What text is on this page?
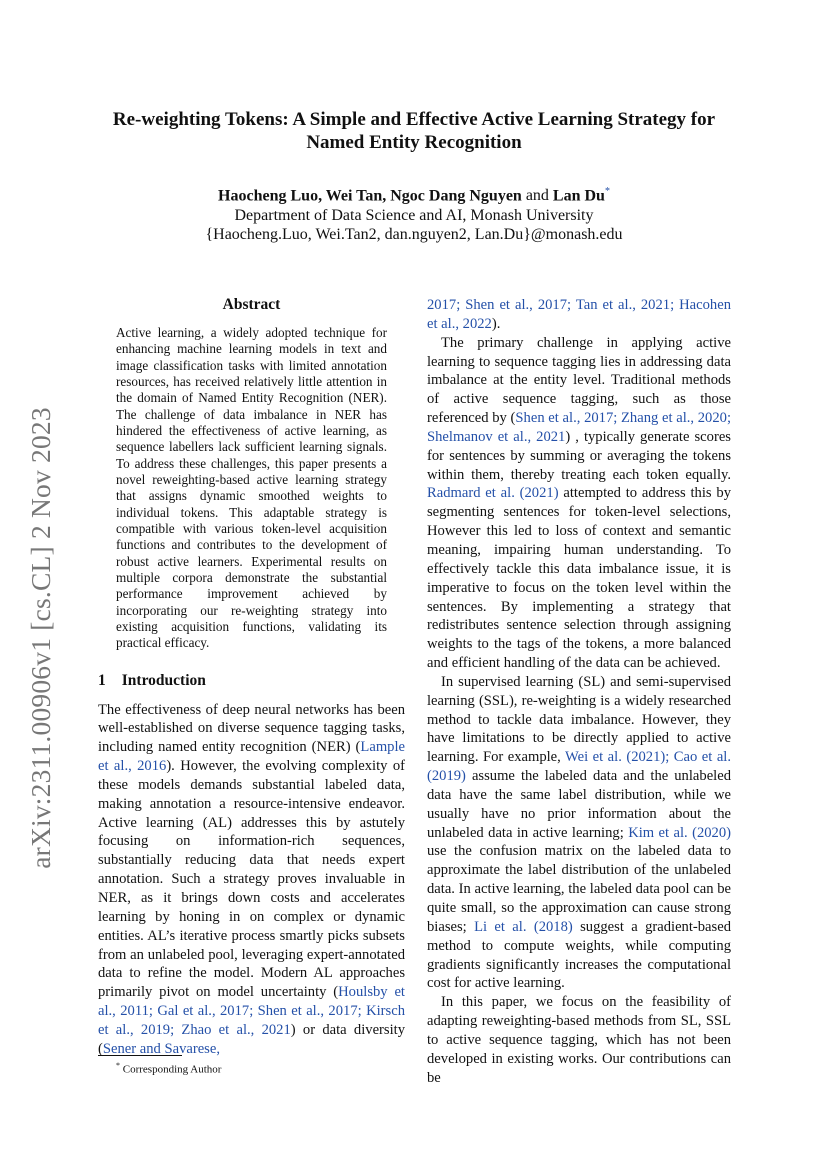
arXiv:2311.00906v1 [cs.CL] 2 Nov 2023
Re-weighting Tokens: A Simple and Effective Active Learning Strategy for
Named Entity Recognition
Haocheng Luo, Wei Tan, Ngoc Dang Nguyen and Lan Du*
Department of Data Science and AI, Monash University
{Haocheng.Luo, Wei.Tan2, dan.nguyen2, Lan.Du}@monash.edu
Abstract
Active learning, a widely adopted technique for enhancing machine learning models in text and image classification tasks with limited annotation resources, has received relatively little attention in the domain of Named Entity Recognition (NER). The challenge of data imbalance in NER has hindered the effectiveness of active learning, as sequence labellers lack sufficient learning signals. To address these challenges, this paper presents a novel reweighting-based active learning strategy that assigns dynamic smoothed weights to individual tokens. This adaptable strategy is compatible with various token-level acquisition functions and contributes to the development of robust active learners. Experimental results on multiple corpora demonstrate the substantial performance improvement achieved by incorporating our re-weighting strategy into existing acquisition functions, validating its practical efficacy.
1 Introduction

The effectiveness of deep neural networks has been well-established on diverse sequence tagging tasks, including named entity recognition (NER) (Lample et al., 2016). However, the evolving complexity of these models demands substantial labeled data, making annotation a resource-intensive endeavor. Active learning (AL) addresses this by astutely focusing on information-rich sequences, substantially reducing data that needs expert annotation. Such a strategy proves invaluable in NER, as it brings down costs and accelerates learning by honing in on complex or dynamic entities. AL’s iterative process smartly picks subsets from an unlabeled pool, leveraging expert-annotated data to refine the model. Modern AL approaches primarily pivot on model uncertainty (Houlsby et al., 2011; Gal et al., 2017; Shen et al., 2017; Kirsch et al., 2019; Zhao et al., 2021) or data diversity (Sener and Savarese,

2017; Shen et al., 2017; Tan et al., 2021; Hacohen et al., 2022).

The primary challenge in applying active learning to sequence tagging lies in addressing data imbalance at the entity level. Traditional methods of active sequence tagging, such as those referenced by (Shen et al., 2017; Zhang et al., 2020; Shelmanov et al., 2021) , typically generate scores for sentences by summing or averaging the tokens within them, thereby treating each token equally. Radmard et al. (2021) attempted to address this by segmenting sentences for token-level selections, However this led to loss of context and semantic meaning, impairing human understanding. To effectively tackle this data imbalance issue, it is imperative to focus on the token level within the sentences. By implementing a strategy that redistributes sentence selection through assigning weights to the tags of the tokens, a more balanced and efficient handling of the data can be achieved.

In supervised learning (SL) and semi-supervised learning (SSL), re-weighting is a widely researched method to tackle data imbalance. However, they have limitations to be directly applied to active learning. For example, Wei et al. (2021); Cao et al. (2019) assume the labeled data and the unlabeled data have the same label distribution, while we usually have no prior information about the unlabeled data in active learning; Kim et al. (2020) use the confusion matrix on the labeled data to approximate the label distribution of the unlabeled data. In active learning, the labeled data pool can be quite small, so the approximation can cause strong biases; Li et al. (2018) suggest a gradient-based method to compute weights, while computing gradients significantly increases the computational cost for active learning.

In this paper, we focus on the feasibility of adapting reweighting-based methods from SL, SSL to active sequence tagging, which has not been developed in existing works. Our contributions can be

* Corresponding Author
